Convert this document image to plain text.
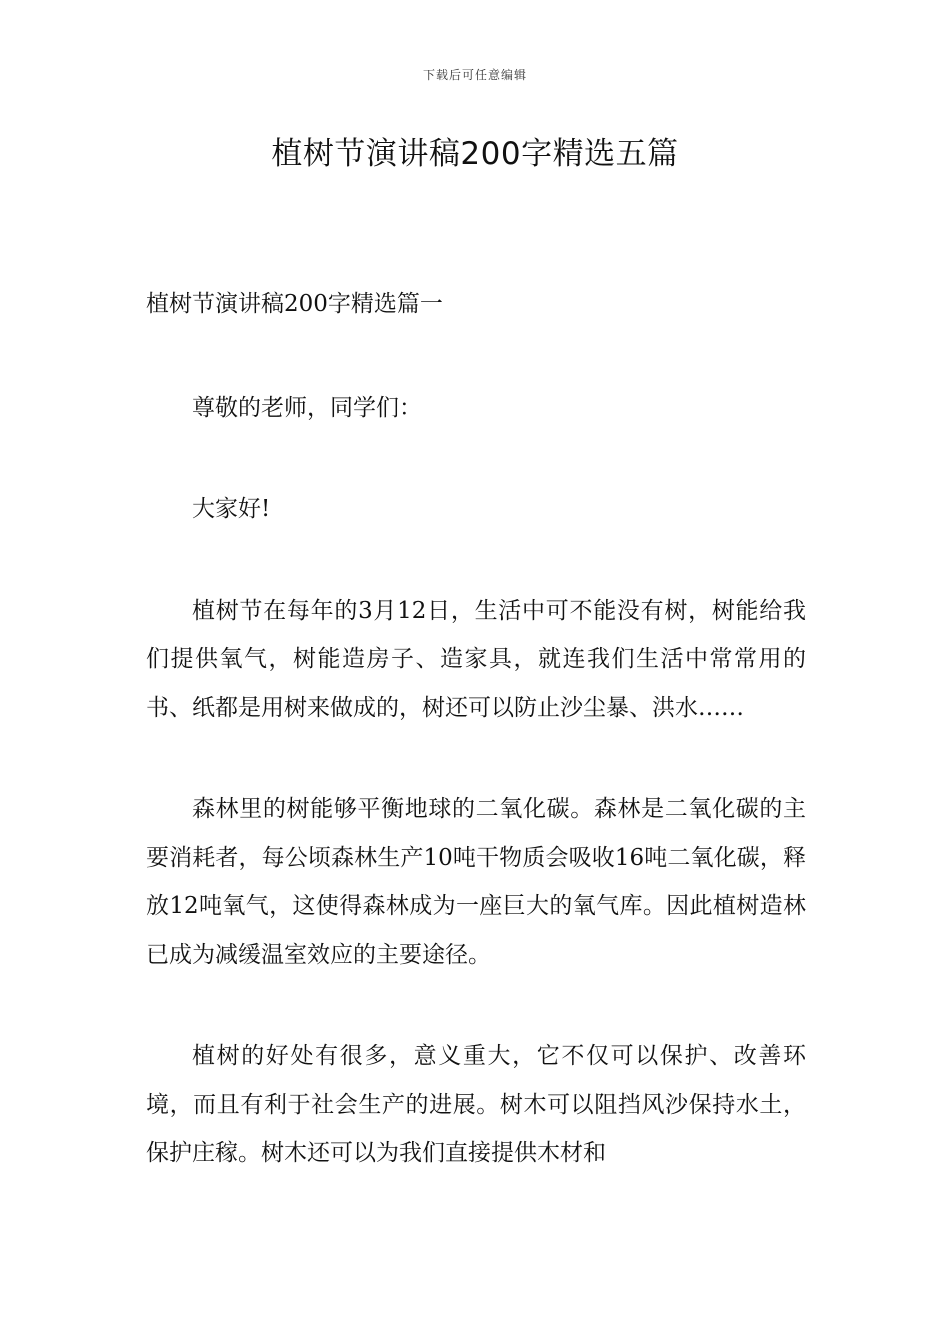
下载后可任意编辑
植树节演讲稿200字精选五篇
植树节演讲稿200字精选篇一

尊敬的老师，同学们：

大家好!

植树节在每年的3月12日，生活中可不能没有树，树能给我们提供氧气，树能造房子、造家具，就连我们生活中常常用的书、纸都是用树来做成的，树还可以防止沙尘暴、洪水……

森林里的树能够平衡地球的二氧化碳。森林是二氧化碳的主要消耗者，每公顷森林生产10吨干物质会吸收16吨二氧化碳，释放12吨氧气，这使得森林成为一座巨大的氧气库。因此植树造林已成为减缓温室效应的主要途径。

植树的好处有很多，意义重大，它不仅可以保护、改善环境，而且有利于社会生产的进展。树木可以阻挡风沙保持水土，保护庄稼。树木还可以为我们直接提供木材和
